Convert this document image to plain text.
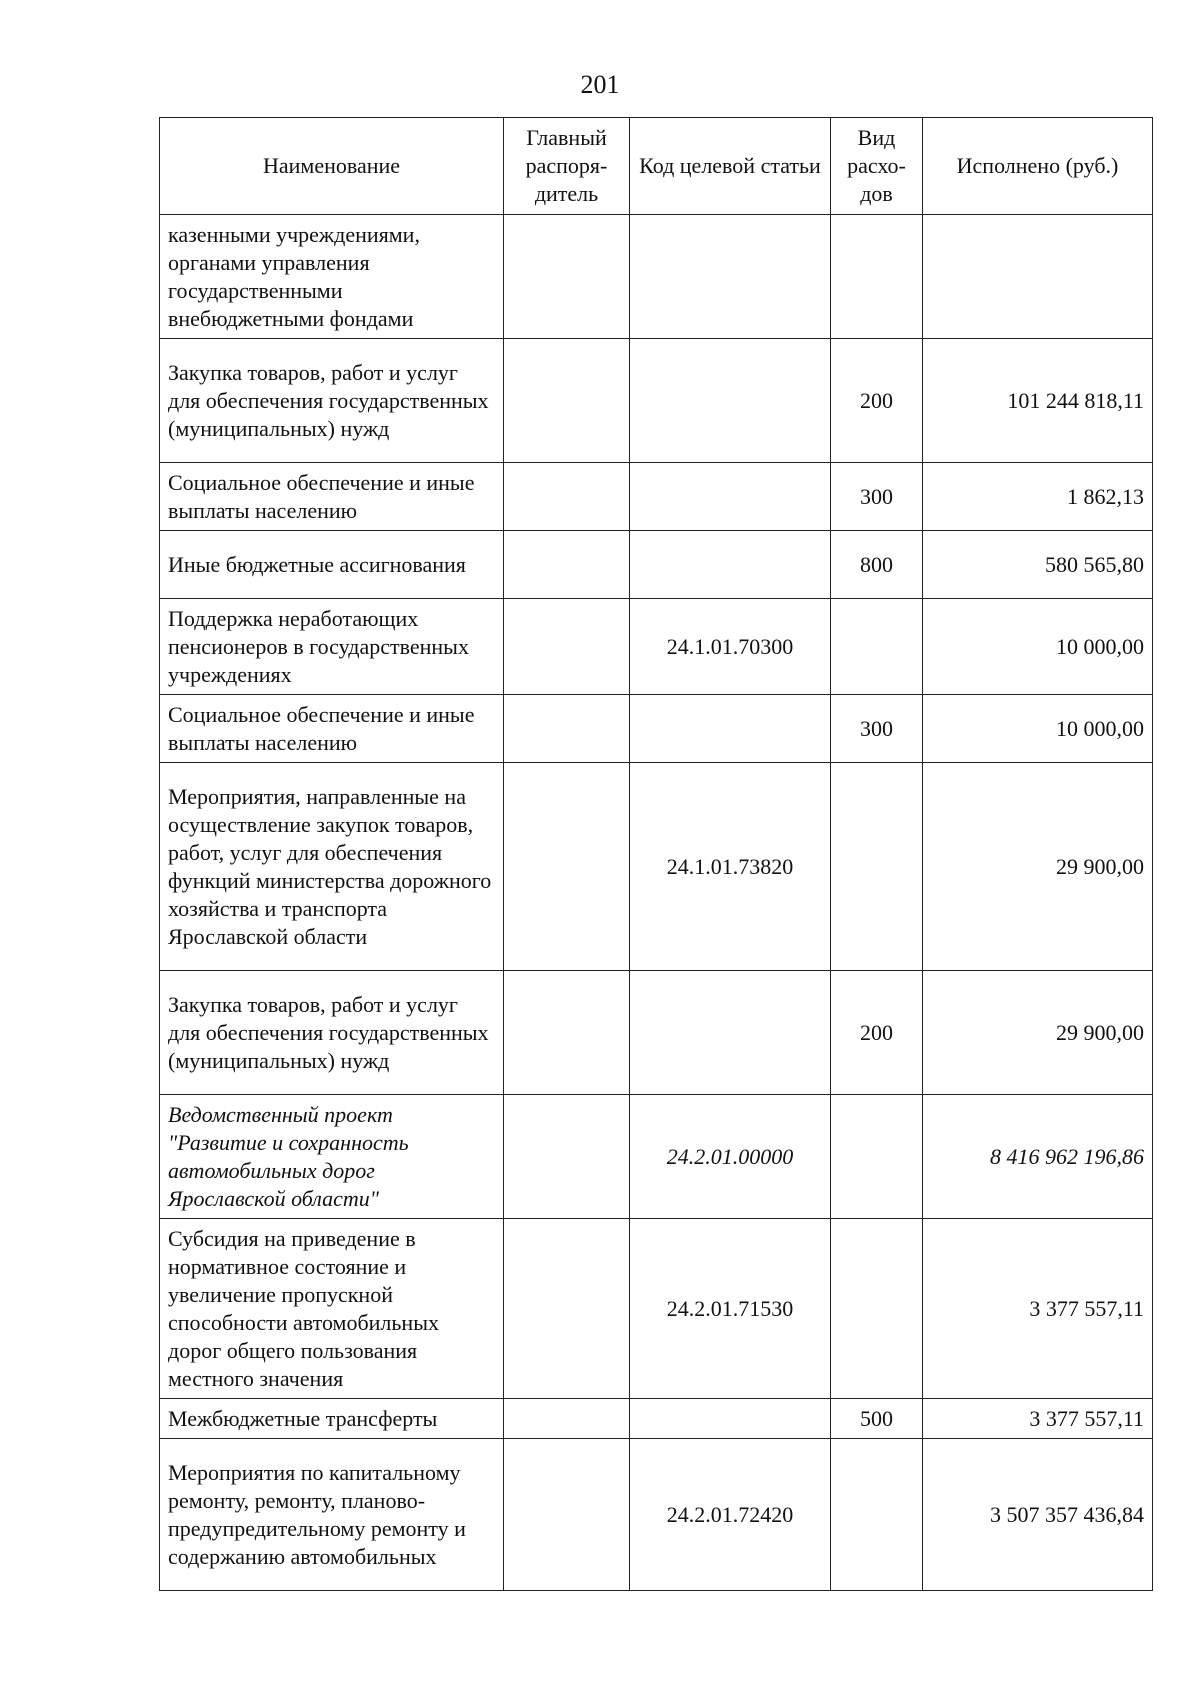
201
Наименование	Главный распоря-дитель	Код целевой статьи	Вид расхо-дов	Исполнено (руб.)
казенными учреждениями, органами управления государственными внебюджетными фондами				
Закупка товаров, работ и услуг для обеспечения государственных (муниципальных) нужд			200	101 244 818,11
Социальное обеспечение и иные выплаты населению			300	1 862,13
Иные бюджетные ассигнования			800	580 565,80
Поддержка неработающих пенсионеров в государственных учреждениях		24.1.01.70300		10 000,00
Социальное обеспечение и иные выплаты населению			300	10 000,00
Мероприятия, направленные на осуществление закупок товаров, работ, услуг для обеспечения функций министерства дорожного хозяйства и транспорта Ярославской области		24.1.01.73820		29 900,00
Закупка товаров, работ и услуг для обеспечения государственных (муниципальных) нужд			200	29 900,00
Ведомственный проект "Развитие и сохранность автомобильных дорог Ярославской области"		24.2.01.00000		8 416 962 196,86
Субсидия на приведение в нормативное состояние и увеличение пропускной способности автомобильных дорог общего пользования местного значения		24.2.01.71530		3 377 557,11
Межбюджетные трансферты			500	3 377 557,11
Мероприятия по капитальному ремонту, ремонту, планово-предупредительному ремонту и содержанию автомобильных		24.2.01.72420		3 507 357 436,84
